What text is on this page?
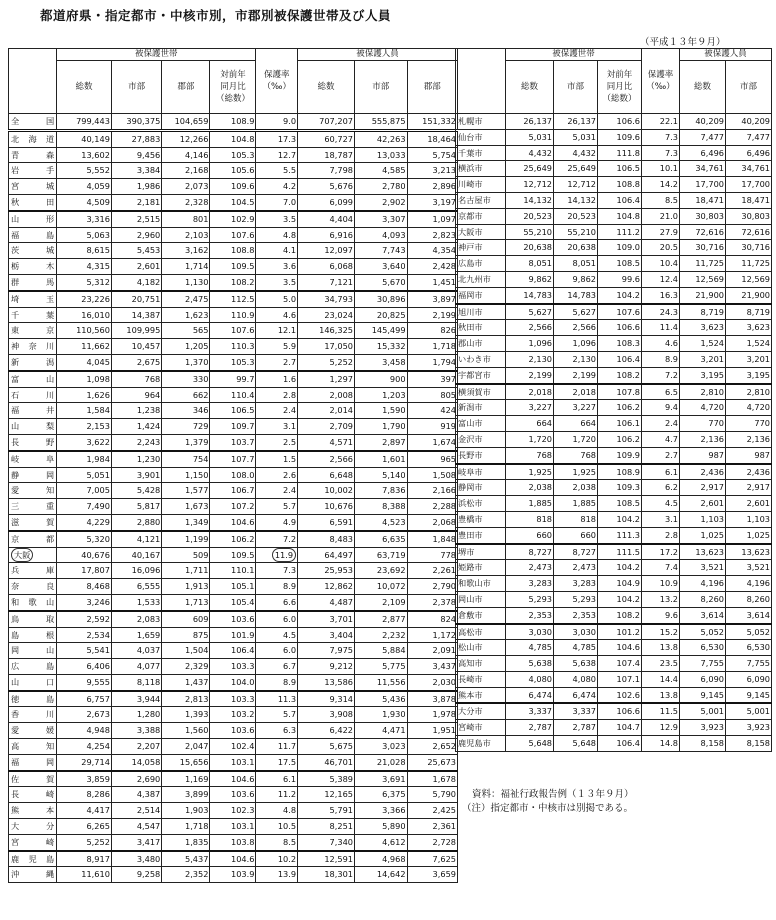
都道府県・指定都市・中核市別，市郡別被保護世帯及び人員
（平成１３年９月）
	被保護世帯				保護率
（‰）	被保護人員		
	総数	市部	郡部	対前年
同月比
（総数）		総数	市部	郡部
全国	799,443	390,375	104,659	108.9	9.0	707,207	555,875	151,332
北海道	40,149	27,883	12,266	104.8	17.3	60,727	42,263	18,464
青森	13,602	9,456	4,146	105.3	12.7	18,787	13,033	5,754
岩手	5,552	3,384	2,168	105.6	5.5	7,798	4,585	3,213
宮城	4,059	1,986	2,073	109.6	4.2	5,676	2,780	2,896
秋田	4,509	2,181	2,328	104.5	7.0	6,099	2,902	3,197
山形	3,316	2,515	801	102.9	3.5	4,404	3,307	1,097
福島	5,063	2,960	2,103	107.6	4.8	6,916	4,093	2,823
茨城	8,615	5,453	3,162	108.8	4.1	12,097	7,743	4,354
栃木	4,315	2,601	1,714	109.5	3.6	6,068	3,640	2,428
群馬	5,312	4,182	1,130	108.2	3.5	7,121	5,670	1,451
埼玉	23,226	20,751	2,475	112.5	5.0	34,793	30,896	3,897
千葉	16,010	14,387	1,623	110.9	4.6	23,024	20,825	2,199
東京	110,560	109,995	565	107.6	12.1	146,325	145,499	826
神奈川	11,662	10,457	1,205	110.3	5.9	17,050	15,332	1,718
新潟	4,045	2,675	1,370	105.3	2.7	5,252	3,458	1,794
富山	1,098	768	330	99.7	1.6	1,297	900	397
石川	1,626	964	662	110.4	2.8	2,008	1,203	805
福井	1,584	1,238	346	106.5	2.4	2,014	1,590	424
山梨	2,153	1,424	729	109.7	3.1	2,709	1,790	919
長野	3,622	2,243	1,379	103.7	2.5	4,571	2,897	1,674
岐阜	1,984	1,230	754	107.7	1.5	2,566	1,601	965
静岡	5,051	3,901	1,150	108.0	2.6	6,648	5,140	1,508
愛知	7,005	5,428	1,577	106.7	2.4	10,002	7,836	2,166
三重	7,490	5,817	1,673	107.2	5.7	10,676	8,388	2,288
滋賀	4,229	2,880	1,349	104.6	4.9	6,591	4,523	2,068
京都	5,320	4,121	1,199	106.2	7.2	8,483	6,635	1,848
大阪	40,676	40,167	509	109.5	11.9	64,497	63,719	778
兵庫	17,807	16,096	1,711	110.1	7.3	25,953	23,692	2,261
奈良	8,468	6,555	1,913	105.1	8.9	12,862	10,072	2,790
和歌山	3,246	1,533	1,713	105.4	6.6	4,487	2,109	2,378
鳥取	2,592	2,083	609	103.6	6.0	3,701	2,877	824
島根	2,534	1,659	875	101.9	4.5	3,404	2,232	1,172
岡山	5,541	4,037	1,504	106.4	6.0	7,975	5,884	2,091
広島	6,406	4,077	2,329	103.3	6.7	9,212	5,775	3,437
山口	9,555	8,118	1,437	104.0	8.9	13,586	11,556	2,030
徳島	6,757	3,944	2,813	103.3	11.3	9,314	5,436	3,878
香川	2,673	1,280	1,393	103.2	5.7	3,908	1,930	1,978
愛媛	4,948	3,388	1,560	103.6	6.3	6,422	4,471	1,951
高知	4,254	2,207	2,047	102.4	11.7	5,675	3,023	2,652
福岡	29,714	14,058	15,656	103.1	17.5	46,701	21,028	25,673
佐賀	3,859	2,690	1,169	104.6	6.1	5,389	3,691	1,678
長崎	8,286	4,387	3,899	103.6	11.2	12,165	6,375	5,790
熊本	4,417	2,514	1,903	102.3	4.8	5,791	3,366	2,425
大分	6,265	4,547	1,718	103.1	10.5	8,251	5,890	2,361
宮崎	5,252	3,417	1,835	103.8	8.5	7,340	4,612	2,728
鹿児島	8,917	3,480	5,437	104.6	10.2	12,591	4,968	7,625
沖縄	11,610	9,258	2,352	103.9	13.9	18,301	14,642	3,659
	被保護世帯			保護率
（‰）	被保護人員	
	総数	市部	対前年
同月比
（総数）		総数	市部
札幌市	26,137	26,137	106.6	22.1	40,209	40,209
仙台市	5,031	5,031	109.6	7.3	7,477	7,477
千葉市	4,432	4,432	111.8	7.3	6,496	6,496
横浜市	25,649	25,649	106.5	10.1	34,761	34,761
川崎市	12,712	12,712	108.8	14.2	17,700	17,700
名古屋市	14,132	14,132	106.4	8.5	18,471	18,471
京都市	20,523	20,523	104.8	21.0	30,803	30,803
大阪市	55,210	55,210	111.2	27.9	72,616	72,616
神戸市	20,638	20,638	109.0	20.5	30,716	30,716
広島市	8,051	8,051	108.5	10.4	11,725	11,725
北九州市	9,862	9,862	99.6	12.4	12,569	12,569
福岡市	14,783	14,783	104.2	16.3	21,900	21,900
旭川市	5,627	5,627	107.6	24.3	8,719	8,719
秋田市	2,566	2,566	106.6	11.4	3,623	3,623
郡山市	1,096	1,096	108.3	4.6	1,524	1,524
いわき市	2,130	2,130	106.4	8.9	3,201	3,201
宇都宮市	2,199	2,199	108.2	7.2	3,195	3,195
横須賀市	2,018	2,018	107.8	6.5	2,810	2,810
新潟市	3,227	3,227	106.2	9.4	4,720	4,720
富山市	664	664	106.1	2.4	770	770
金沢市	1,720	1,720	106.2	4.7	2,136	2,136
長野市	768	768	109.9	2.7	987	987
岐阜市	1,925	1,925	108.9	6.1	2,436	2,436
静岡市	2,038	2,038	109.3	6.2	2,917	2,917
浜松市	1,885	1,885	108.5	4.5	2,601	2,601
豊橋市	818	818	104.2	3.1	1,103	1,103
豊田市	660	660	111.3	2.8	1,025	1,025
堺市	8,727	8,727	111.5	17.2	13,623	13,623
姫路市	2,473	2,473	104.2	7.4	3,521	3,521
和歌山市	3,283	3,283	104.9	10.9	4,196	4,196
岡山市	5,293	5,293	104.2	13.2	8,260	8,260
倉敷市	2,353	2,353	108.2	9.6	3,614	3,614
高松市	3,030	3,030	101.2	15.2	5,052	5,052
松山市	4,785	4,785	104.6	13.8	6,530	6,530
高知市	5,638	5,638	107.4	23.5	7,755	7,755
長崎市	4,080	4,080	107.1	14.4	6,090	6,090
熊本市	6,474	6,474	102.6	13.8	9,145	9,145
大分市	3,337	3,337	106.6	11.5	5,001	5,001
宮崎市	2,787	2,787	104.7	12.9	3,923	3,923
鹿児島市	5,648	5,648	106.4	14.8	8,158	8,158
資料：福祉行政報告例（１３年９月）
（注）指定都市・中核市は別掲である。
